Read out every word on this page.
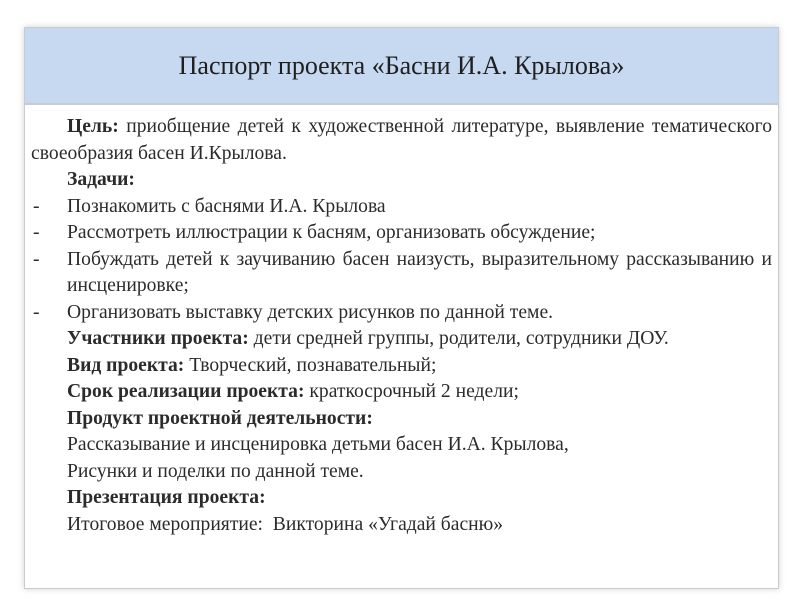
Паспорт проекта «Басни И.А. Крылова»

Цель: приобщение детей к художественной литературе, выявление тематического своеобразия басен И.Крылова.

Задачи:
- Познакомить с баснями И.А. Крылова
- Рассмотреть иллюстрации к басням, организовать обсуждение;
- Побуждать детей к заучиванию басен наизусть, выразительному рассказыванию и инсценировке;
- Организовать выставку детских рисунков по данной теме.

Участники проекта: дети средней группы, родители, сотрудники ДОУ.

Вид проекта: Творческий, познавательный;
Срок реализации проекта: краткосрочный 2 недели;
Продукт проектной деятельности:
Рассказывание и инсценировка детьми басен И.А. Крылова,
Рисунки и поделки по данной теме.
Презентация проекта:
Итоговое мероприятие:  Викторина «Угадай басню»
